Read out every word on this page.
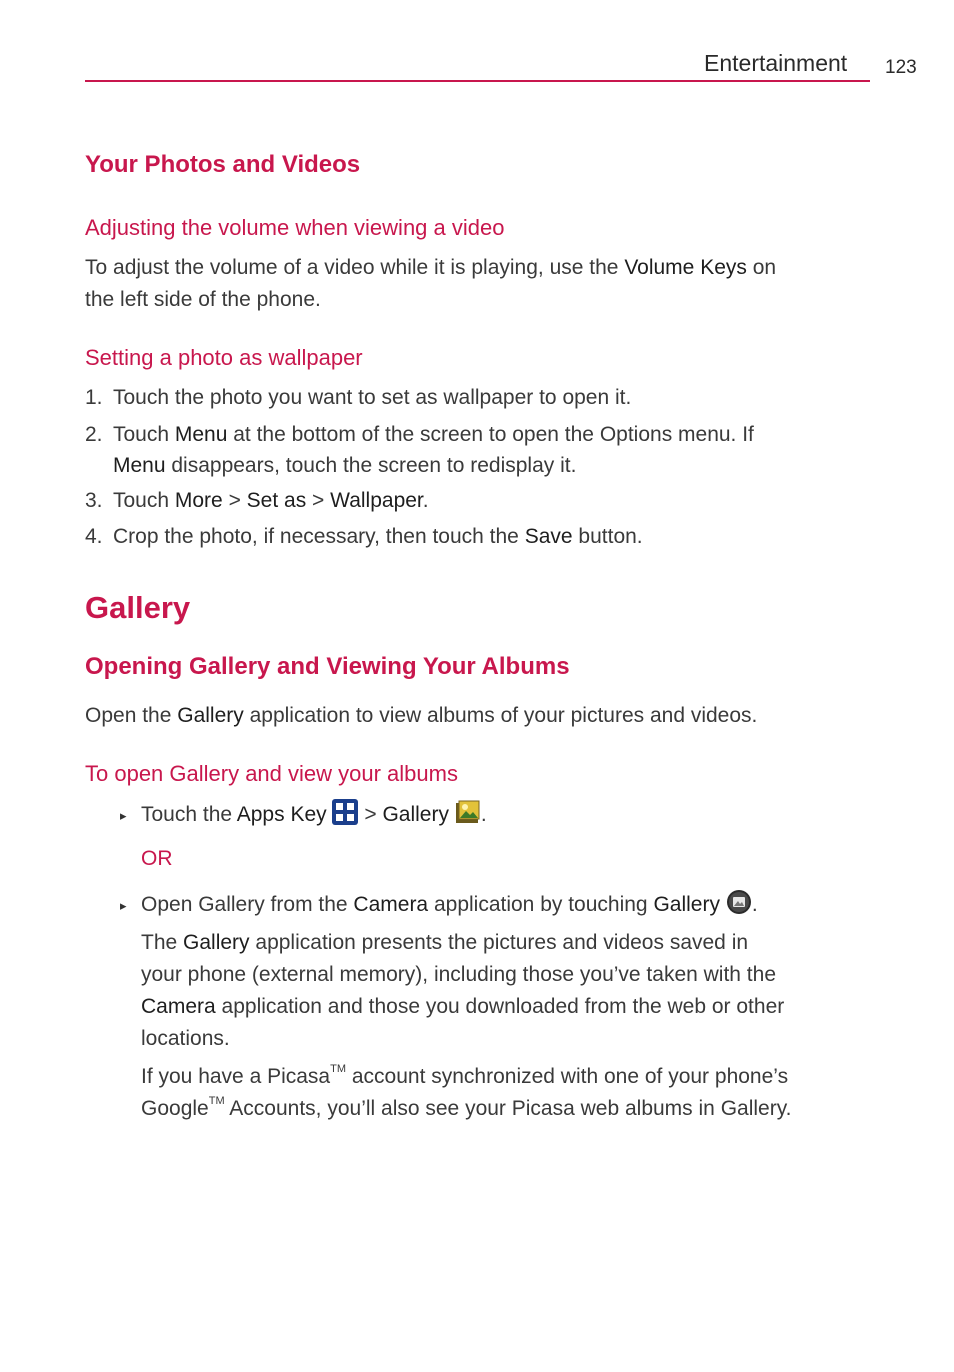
Entertainment 123
Your Photos and Videos
Adjusting the volume when viewing a video
To adjust the volume of a video while it is playing, use the Volume Keys on
the left side of the phone.
Setting a photo as wallpaper
1. Touch the photo you want to set as wallpaper to open it.
2. Touch Menu at the bottom of the screen to open the Options menu. If
Menu disappears, touch the screen to redisplay it.
3. Touch More > Set as > Wallpaper.
4. Crop the photo, if necessary, then touch the Save button.
Gallery
Opening Gallery and Viewing Your Albums
Open the Gallery application to view albums of your pictures and videos.
To open Gallery and view your albums
▸ Touch the Apps Key  > Gallery .
OR
▸ Open Gallery from the Camera application by touching Gallery .
The Gallery application presents the pictures and videos saved in
your phone (external memory), including those you’ve taken with the
Camera application and those you downloaded from the web or other
locations.
If you have a Picasa™ account synchronized with one of your phone’s
Google™ Accounts, you’ll also see your Picasa web albums in Gallery.
